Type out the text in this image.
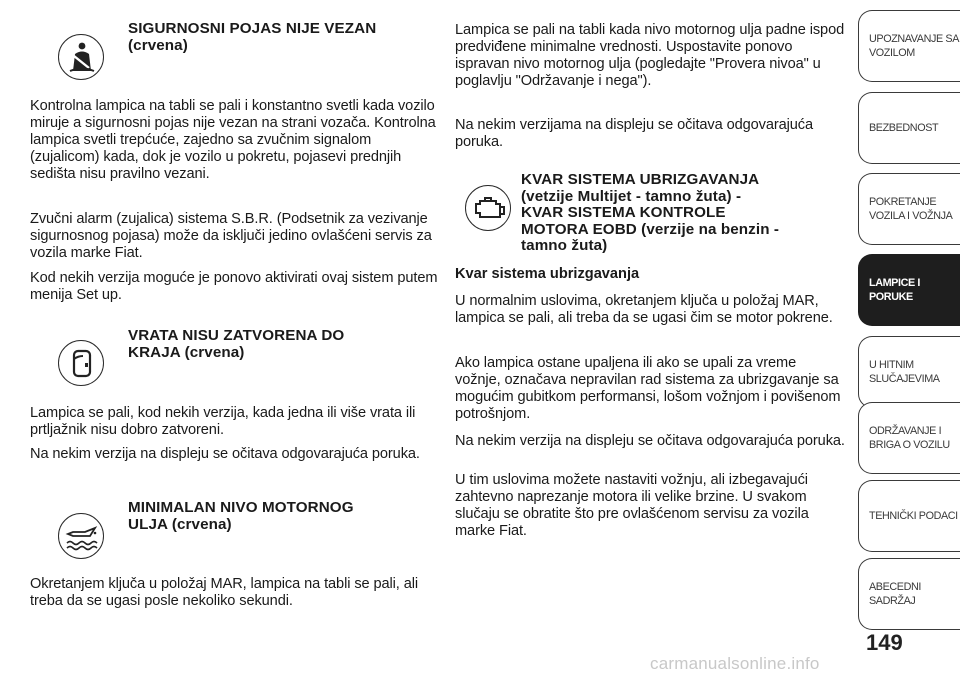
SIGURNOSNI POJAS NIJE VEZAN
(crvena)

Kontrolna lampica na tabli se pali i konstantno svetli kada vozilo miruje a sigurnosni pojas nije vezan na strani vozača. Kontrolna lampica svetli trepćuće, zajedno sa zvučnim signalom (zujalicom) kada, dok je vozilo u pokretu, pojasevi prednjih sedišta nisu pravilno vezani.

Zvučni alarm (zujalica) sistema S.B.R. (Podsetnik za vezivanje sigurnosnog pojasa) može da isključi jedino ovlašćeni servis za vozila marke Fiat.

Kod nekih verzija moguće je ponovo aktivirati ovaj sistem putem menija Set up.

VRATA NISU ZATVORENA DO
KRAJA (crvena)

Lampica se pali, kod nekih verzija, kada jedna ili više vrata ili prtljažnik nisu dobro zatvoreni.

Na nekim verzija na displeju se očitava odgovarajuća poruka.

MINIMALAN NIVO MOTORNOG
ULJA (crvena)

Okretanjem ključa u položaj MAR, lampica na tabli se pali, ali treba da se ugasi posle nekoliko sekundi.

Lampica se pali na tabli kada nivo motornog ulja padne ispod predviđene minimalne vrednosti. Uspostavite ponovo ispravan nivo motornog ulja (pogledajte "Provera nivoa" u poglavlju "Održavanje i nega").

Na nekim verzijama na displeju se očitava odgovarajuća poruka.

KVAR SISTEMA UBRIZGAVANJA
(vetzije Multijet - tamno žuta) -
KVAR SISTEMA KONTROLE
MOTORA EOBD (verzije na benzin -
tamno žuta)
Kvar sistema ubrizgavanja

U normalnim uslovima, okretanjem ključa u položaj MAR, lampica se pali, ali treba da se ugasi čim se motor pokrene.

Ako lampica ostane upaljena ili ako se upali za vreme vožnje, označava nepravilan rad sistema za ubrizgavanje sa mogućim gubitkom performansi, lošom vožnjom i povišenom potrošnjom.

Na nekim verzija na displeju se očitava odgovarajuća poruka.

U tim uslovima možete nastaviti vožnju, ali izbegavajući zahtevno naprezanje motora ili velike brzine. U svakom slučaju se obratite što pre ovlašćenom servisu za vozila marke Fiat.

UPOZNAVANJE SA VOZILOM
BEZBEDNOST
POKRETANJE VOZILA I VOŽNJA
LAMPICE I PORUKE
U HITNIM SLUČAJEVIMA
ODRŽAVANJE I BRIGA O VOZILU
TEHNIČKI PODACI
ABECEDNI SADRŽAJ
149
carmanualsonline.info
